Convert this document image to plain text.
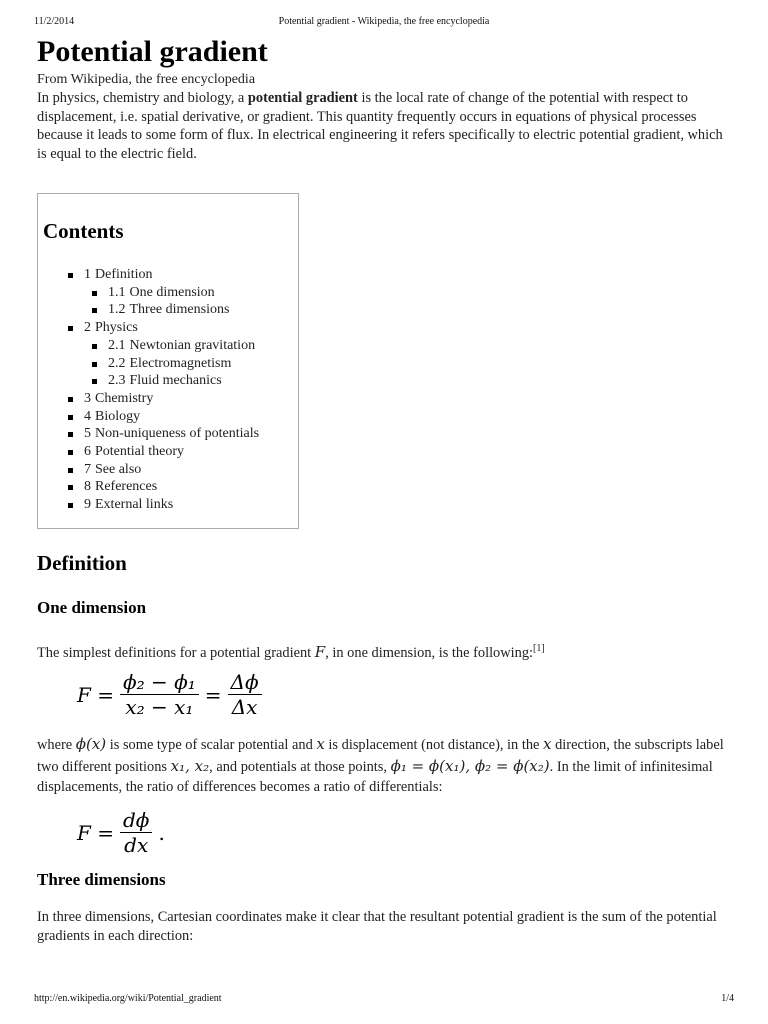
11/2/2014	Potential gradient - Wikipedia, the free encyclopedia
Potential gradient
From Wikipedia, the free encyclopedia

In physics, chemistry and biology, a potential gradient is the local rate of change of the potential with respect to displacement, i.e. spatial derivative, or gradient. This quantity frequently occurs in equations of physical processes because it leads to some form of flux. In electrical engineering it refers specifically to electric potential gradient, which is equal to the electric field.

Contents
1 Definition
1.1 One dimension
1.2 Three dimensions
2 Physics
2.1 Newtonian gravitation
2.2 Electromagnetism
2.3 Fluid mechanics
3 Chemistry
4 Biology
5 Non-uniqueness of potentials
6 Potential theory
7 See also
8 References
9 External links
Definition
One dimension

The simplest definitions for a potential gradient F, in one dimension, is the following:[1]

$F = \frac{\text{ϕ₂ − ϕ₁}}{\text{x₂ − x₁}} = \frac{\Delta\phi}{\Delta x}$

where ϕ(x) is some type of scalar potential and x is displacement (not distance), in the x direction, the subscripts label two different positions x₁, x₂, and potentials at those points, ϕ₁ = ϕ(x₁), ϕ₂ = ϕ(x₂). In the limit of infinitesimal displacements, the ratio of differences becomes a ratio of differentials:

$F = \frac{d\phi}{dx}$ .
Three dimensions

In three dimensions, Cartesian coordinates make it clear that the resultant potential gradient is the sum of the potential gradients in each direction:

http://en.wikipedia.org/wiki/Potential_gradient	1/4
